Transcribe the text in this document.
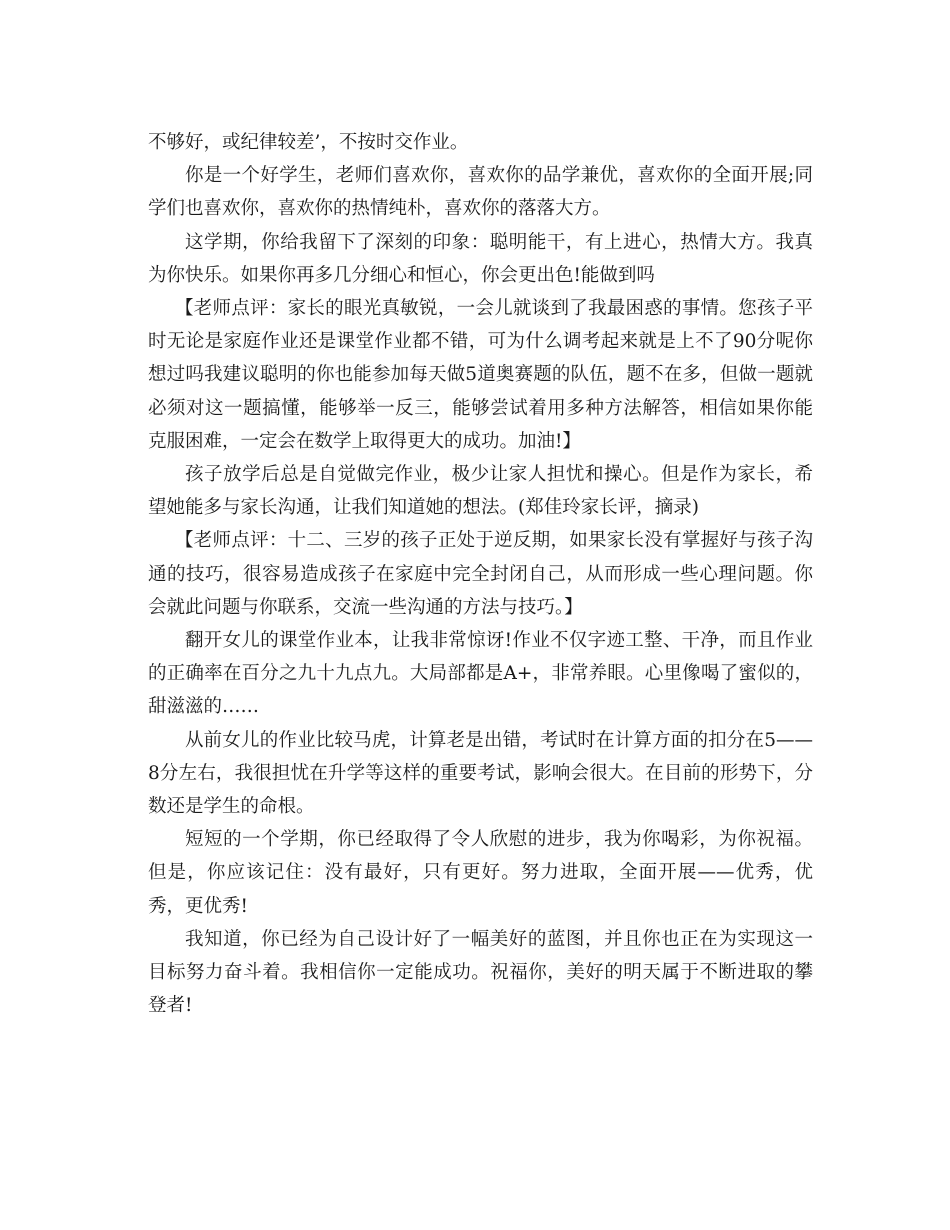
不够好，或纪律较差’，不按时交作业。

你是一个好学生，老师们喜欢你，喜欢你的品学兼优，喜欢你的全面开展;同学们也喜欢你，喜欢你的热情纯朴，喜欢你的落落大方。

这学期，你给我留下了深刻的印象：聪明能干，有上进心，热情大方。我真为你快乐。如果你再多几分细心和恒心，你会更出色!能做到吗

【老师点评：家长的眼光真敏锐，一会儿就谈到了我最困惑的事情。您孩子平时无论是家庭作业还是课堂作业都不错，可为什么调考起来就是上不了90分呢你想过吗我建议聪明的你也能参加每天做5道奥赛题的队伍，题不在多，但做一题就必须对这一题搞懂，能够举一反三，能够尝试着用多种方法解答，相信如果你能克服困难，一定会在数学上取得更大的成功。加油!】

孩子放学后总是自觉做完作业，极少让家人担忧和操心。但是作为家长，希望她能多与家长沟通，让我们知道她的想法。(郑佳玲家长评，摘录)

【老师点评：十二、三岁的孩子正处于逆反期，如果家长没有掌握好与孩子沟通的技巧，很容易造成孩子在家庭中完全封闭自己，从而形成一些心理问题。你会就此问题与你联系，交流一些沟通的方法与技巧。】

翻开女儿的课堂作业本，让我非常惊讶!作业不仅字迹工整、干净，而且作业的正确率在百分之九十九点九。大局部都是A+，非常养眼。心里像喝了蜜似的，甜滋滋的……

从前女儿的作业比较马虎，计算老是出错，考试时在计算方面的扣分在5——8分左右，我很担忧在升学等这样的重要考试，影响会很大。在目前的形势下，分数还是学生的命根。

短短的一个学期，你已经取得了令人欣慰的进步，我为你喝彩，为你祝福。但是，你应该记住：没有最好，只有更好。努力进取，全面开展——优秀，优秀，更优秀!

我知道，你已经为自己设计好了一幅美好的蓝图，并且你也正在为实现这一目标努力奋斗着。我相信你一定能成功。祝福你，美好的明天属于不断进取的攀登者!
